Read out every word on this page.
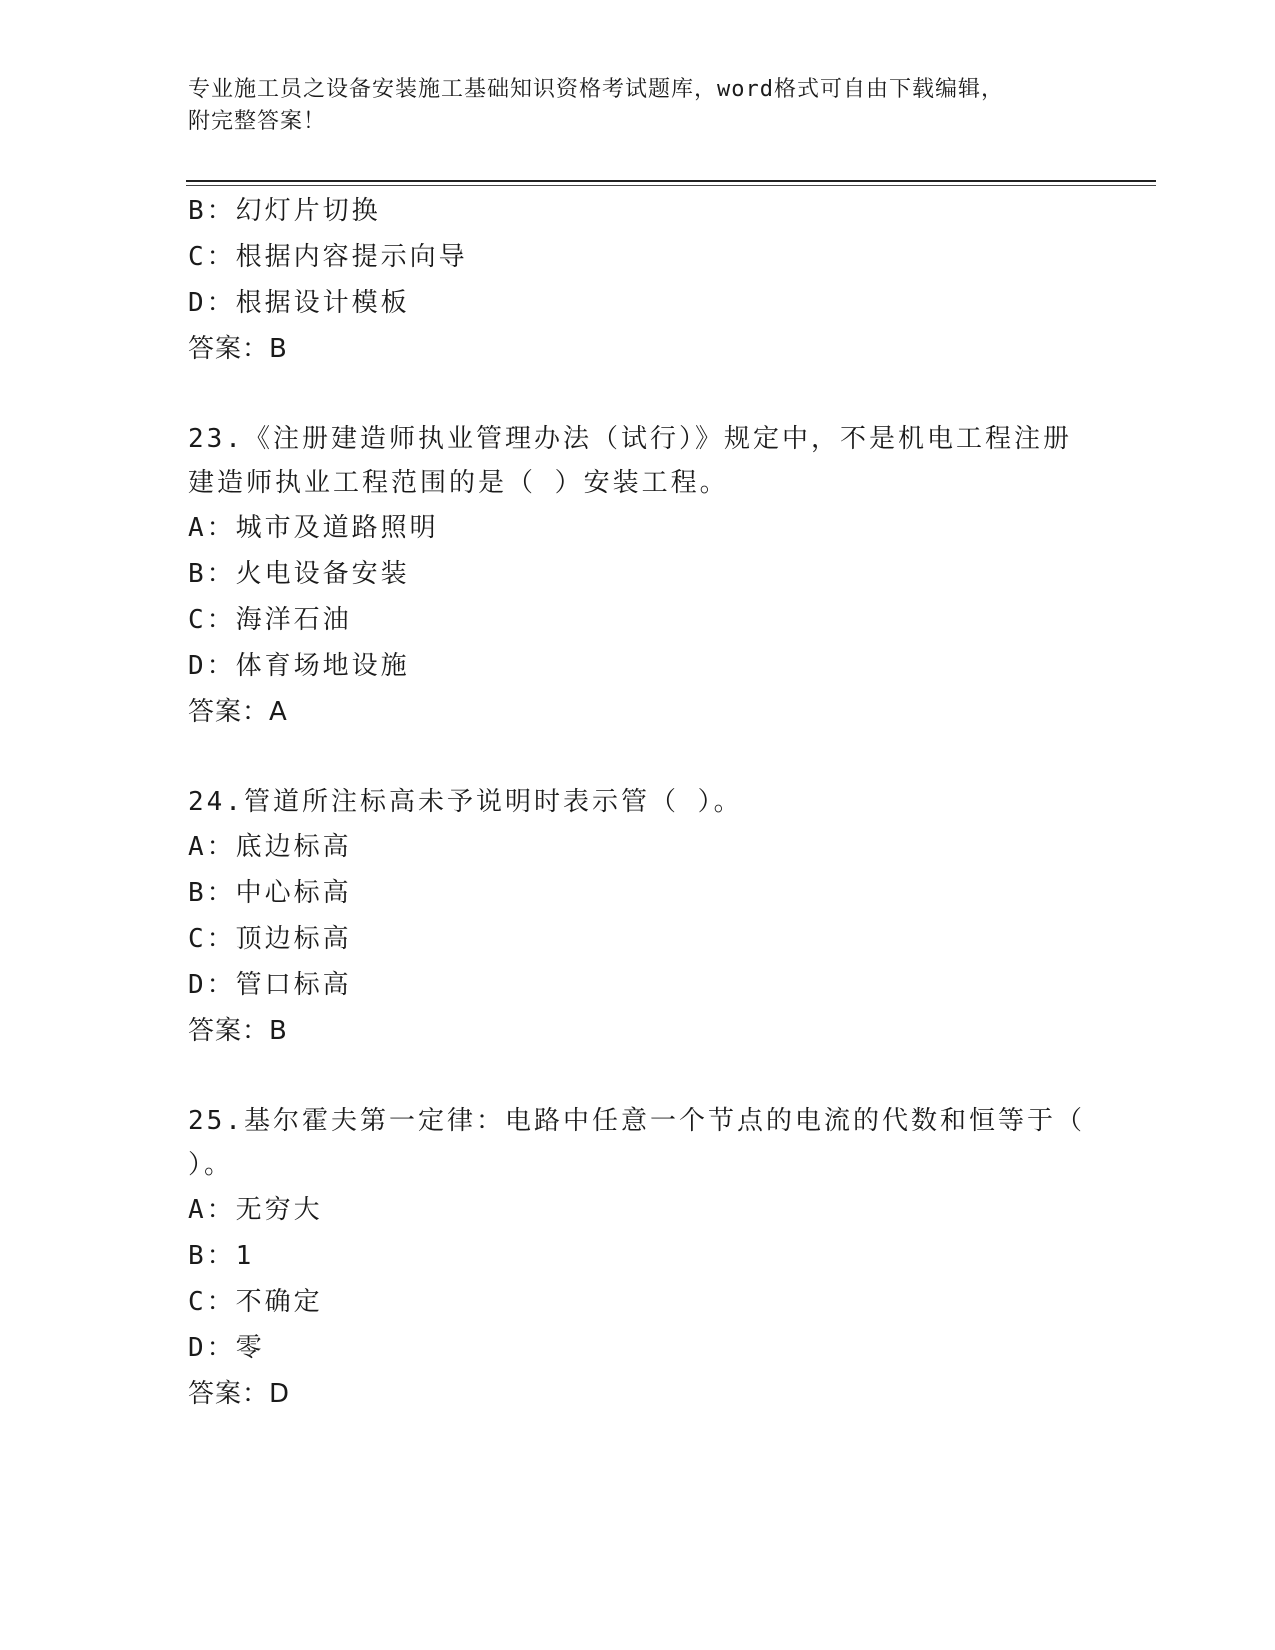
专业施工员之设备安装施工基础知识资格考试题库，word格式可自由下载编辑，
附完整答案！
B：幻灯片切换
C：根据内容提示向导
D：根据设计模板
答案：B
23.《注册建造师执业管理办法（试行）》规定中，不是机电工程注册
建造师执业工程范围的是（ ）安装工程。
A：城市及道路照明
B：火电设备安装
C：海洋石油
D：体育场地设施
答案：A
24.管道所注标高未予说明时表示管（ ）。
A：底边标高
B：中心标高
C：顶边标高
D：管口标高
答案：B
25.基尔霍夫第一定律：电路中任意一个节点的电流的代数和恒等于（
）。
A：无穷大
B：1
C：不确定
D：零
答案：D
